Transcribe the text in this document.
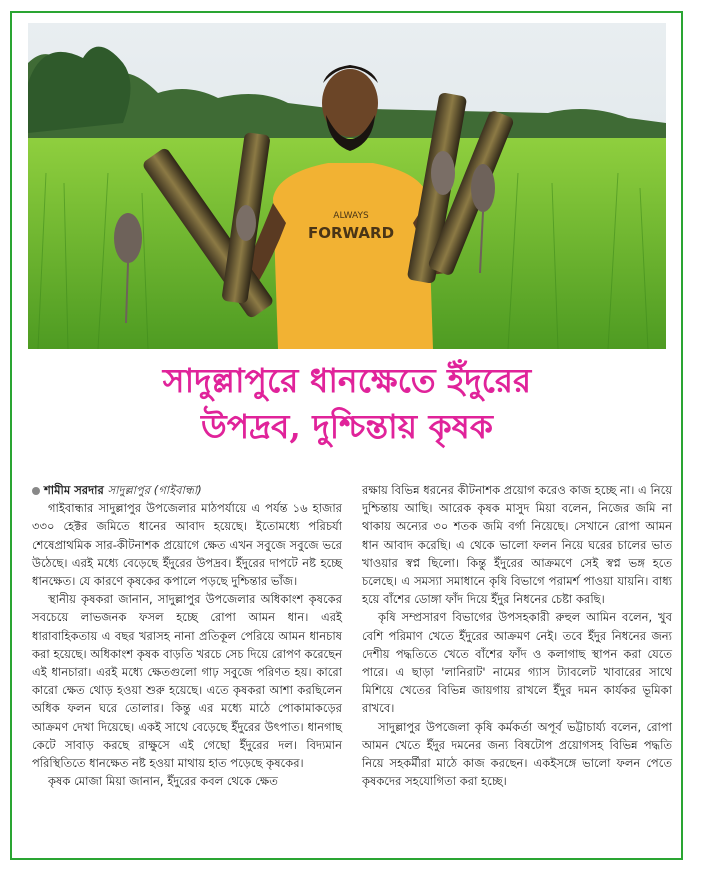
ALWAYS
FORWARD
সাদুল্লাপুরে ধানক্ষেতে ইঁদুরের
উপদ্রব, দুশ্চিন্তায় কৃষক

শামীম সরদার সাদুল্লাপুর (গাইবান্ধা)

গাইবান্ধার সাদুল্লাপুর উপজেলার মাঠপর্যায়ে এ পর্যন্ত ১৬ হাজার ৩৩০ হেক্টর জমিতে ধানের আবাদ হয়েছে। ইতোমধ্যে পরিচর্যা শেষেপ্রাথমিক সার-কীটনাশক প্রয়োগে ক্ষেত এখন সবুজে সবুজে ভরে উঠেছে। এরই মধ্যে বেড়েছে ইঁদুরের উপদ্রব। ইঁদুরের দাপটে নষ্ট হচ্ছে ধানক্ষেত। যে কারণে কৃষকের কপালে পড়ছে দুশ্চিন্তার ভাঁজ।

স্থানীয় কৃষকরা জানান, সাদুল্লাপুর উপজেলার অধিকাংশ কৃষকের সবচেয়ে লাভজনক ফসল হচ্ছে রোপা আমন ধান। এরই ধারাবাহিকতায় এ বছর খরাসহ নানা প্রতিকূল পেরিয়ে আমন ধানচাষ করা হয়েছে। অধিকাংশ কৃষক বাড়তি খরচে সেচ দিয়ে রোপণ করেছেন এই ধানচারা। এরই মধ্যে ক্ষেতগুলো গাঢ় সবুজে পরিণত হয়। কারো কারো ক্ষেত থোড় হওয়া শুরু হয়েছে। এতে কৃষকরা আশা করছিলেন অধিক ফলন ঘরে তোলার। কিন্তু এর মধ্যে মাঠে পোকামাকড়ের আক্রমণ দেখা দিয়েছে। একই সাথে বেড়েছে ইঁদুরের উৎপাত। ধানগাছ কেটে সাবাড় করছে রাক্ষুসে এই গেছো ইঁদুরের দল। বিদ্যমান পরিস্থিতিতে ধানক্ষেত নষ্ট হওয়া মাথায় হাত পড়েছে কৃষকের।

কৃষক মোজা মিয়া জানান, ইঁদুরের কবল থেকে ক্ষেত

রক্ষায় বিভিন্ন ধরনের কীটনাশক প্রয়োগ করেও কাজ হচ্ছে না। এ নিয়ে দুশ্চিন্তায় আছি। আরেক কৃষক মাসুদ মিয়া বলেন, নিজের জমি না থাকায় অন্যের ৩০ শতক জমি বর্গা নিয়েছে। সেখানে রোপা আমন ধান আবাদ করেছি। এ থেকে ভালো ফলন নিয়ে ঘরের চালের ভাত খাওয়ার স্বপ্ন ছিলো। কিন্তু ইঁদুরের আক্রমণে সেই স্বপ্ন ভঙ্গ হতে চলেছে। এ সমস্যা সমাধানে কৃষি বিভাগে পরামর্শ পাওয়া যায়নি। বাধ্য হয়ে বাঁশের ডোঙ্গা ফাঁদ দিয়ে ইঁদুর নিধনের চেষ্টা করছি।

কৃষি সম্প্রসারণ বিভাগের উপসহকারী রুহুল আমিন বলেন, খুব বেশি পরিমাণ খেতে ইঁদুরের আক্রমণ নেই। তবে ইঁদুর নিধনের জন্য দেশীয় পদ্ধতিতে খেতে বাঁশের ফাঁদ ও কলাগাছ স্থাপন করা যেতে পারে। এ ছাড়া 'লানিরাট' নামের গ্যাস ট্যাবলেট খাবারের সাথে মিশিয়ে খেতের বিভিন্ন জায়গায় রাখলে ইঁদুর দমন কার্যকর ভূমিকা রাখবে।

সাদুল্লাপুর উপজেলা কৃষি কর্মকর্তা অপূর্ব ভট্টাচার্য্য বলেন, রোপা আমন খেতে ইঁদুর দমনের জন্য বিষটোপ প্রয়োগসহ বিভিন্ন পদ্ধতি নিয়ে সহকর্মীরা মাঠে কাজ করছেন। একইসঙ্গে ভালো ফলন পেতে কৃষকদের সহযোগিতা করা হচ্ছে।
